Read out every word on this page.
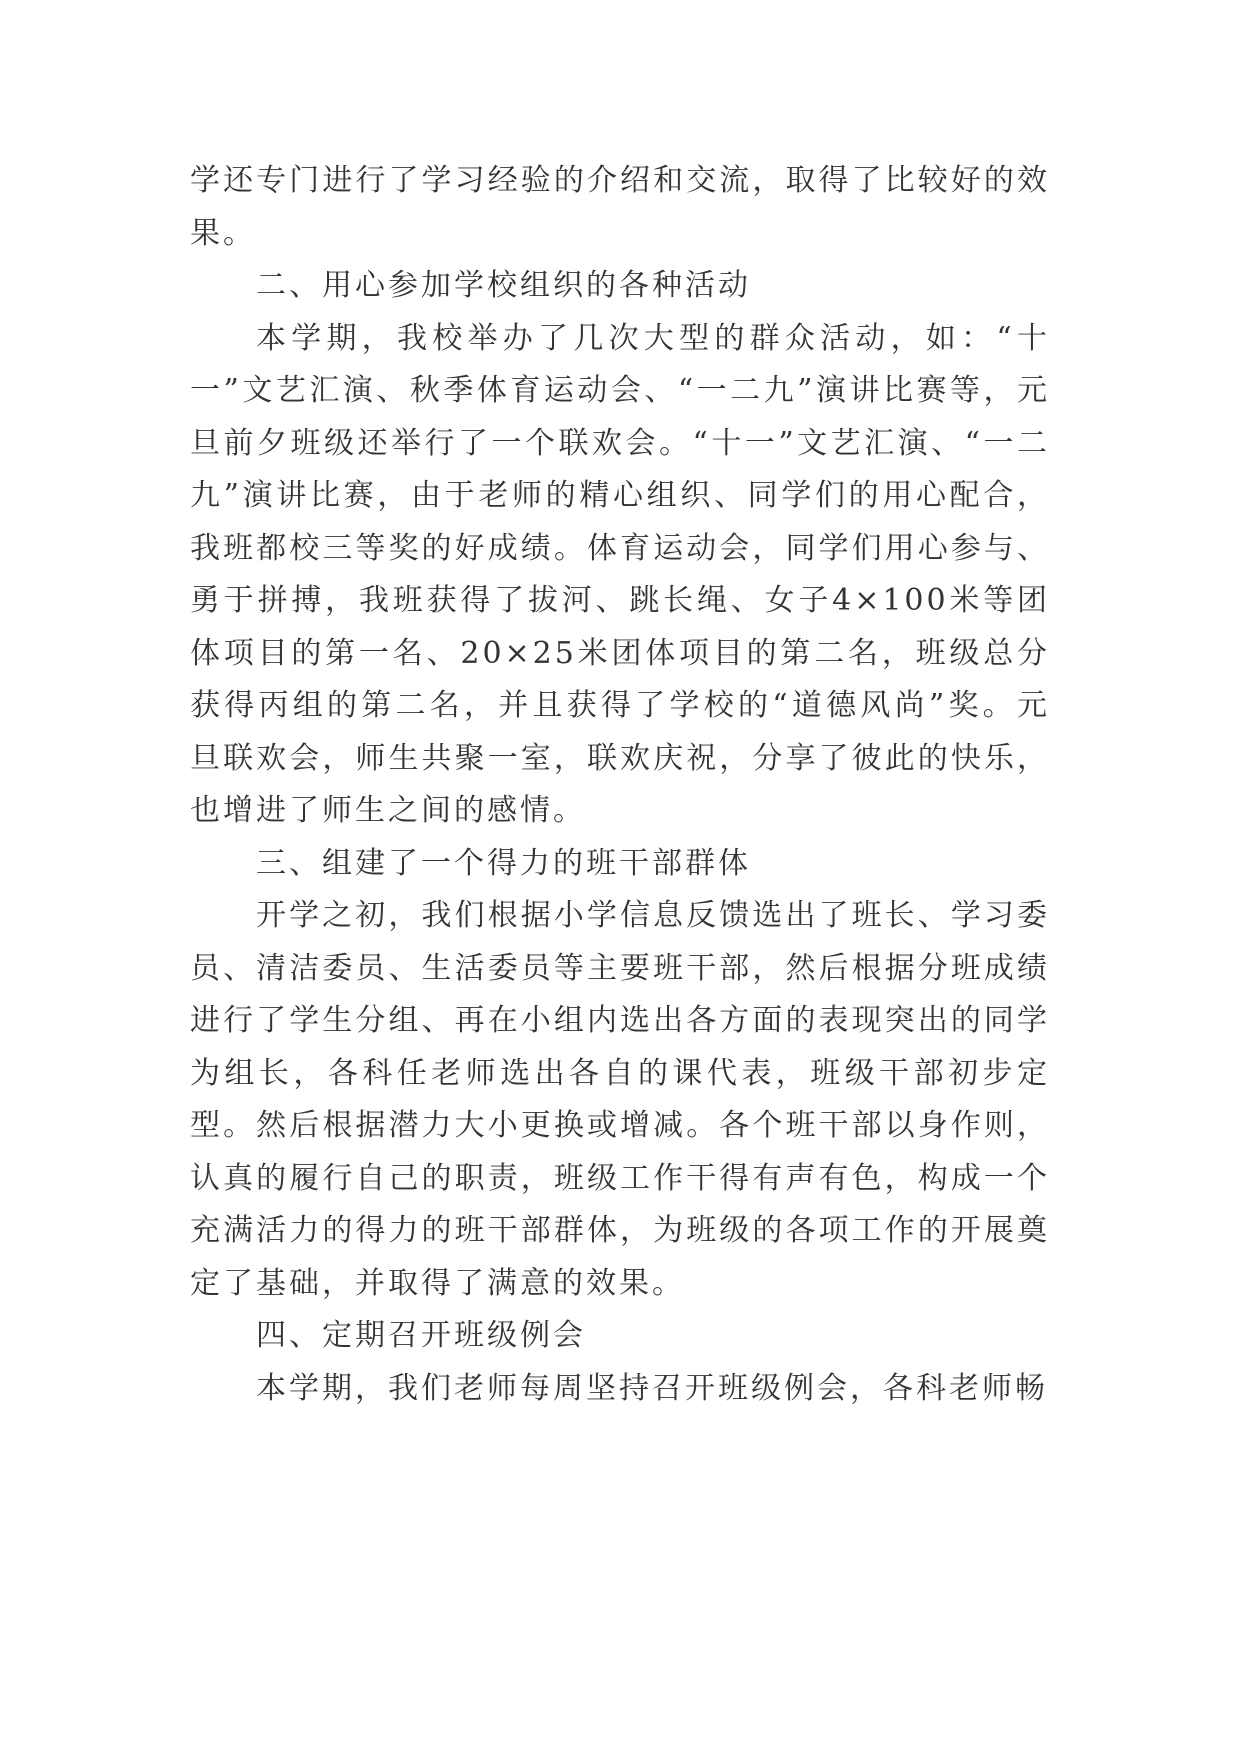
学还专门进行了学习经验的介绍和交流，取得了比较好的效果。

二、用心参加学校组织的各种活动

本学期，我校举办了几次大型的群众活动，如：“十一”文艺汇演、秋季体育运动会、“一二九”演讲比赛等，元旦前夕班级还举行了一个联欢会。“十一”文艺汇演、“一二九”演讲比赛，由于老师的精心组织、同学们的用心配合，我班都校三等奖的好成绩。体育运动会，同学们用心参与、勇于拼搏，我班获得了拔河、跳长绳、女子4×100米等团体项目的第一名、20×25米团体项目的第二名，班级总分获得丙组的第二名，并且获得了学校的“道德风尚”奖。元旦联欢会，师生共聚一室，联欢庆祝，分享了彼此的快乐，也增进了师生之间的感情。

三、组建了一个得力的班干部群体

开学之初，我们根据小学信息反馈选出了班长、学习委员、清洁委员、生活委员等主要班干部，然后根据分班成绩进行了学生分组、再在小组内选出各方面的表现突出的同学为组长，各科任老师选出各自的课代表，班级干部初步定型。然后根据潜力大小更换或增减。各个班干部以身作则，认真的履行自己的职责，班级工作干得有声有色，构成一个充满活力的得力的班干部群体，为班级的各项工作的开展奠定了基础，并取得了满意的效果。

四、定期召开班级例会

本学期，我们老师每周坚持召开班级例会，各科老师畅
